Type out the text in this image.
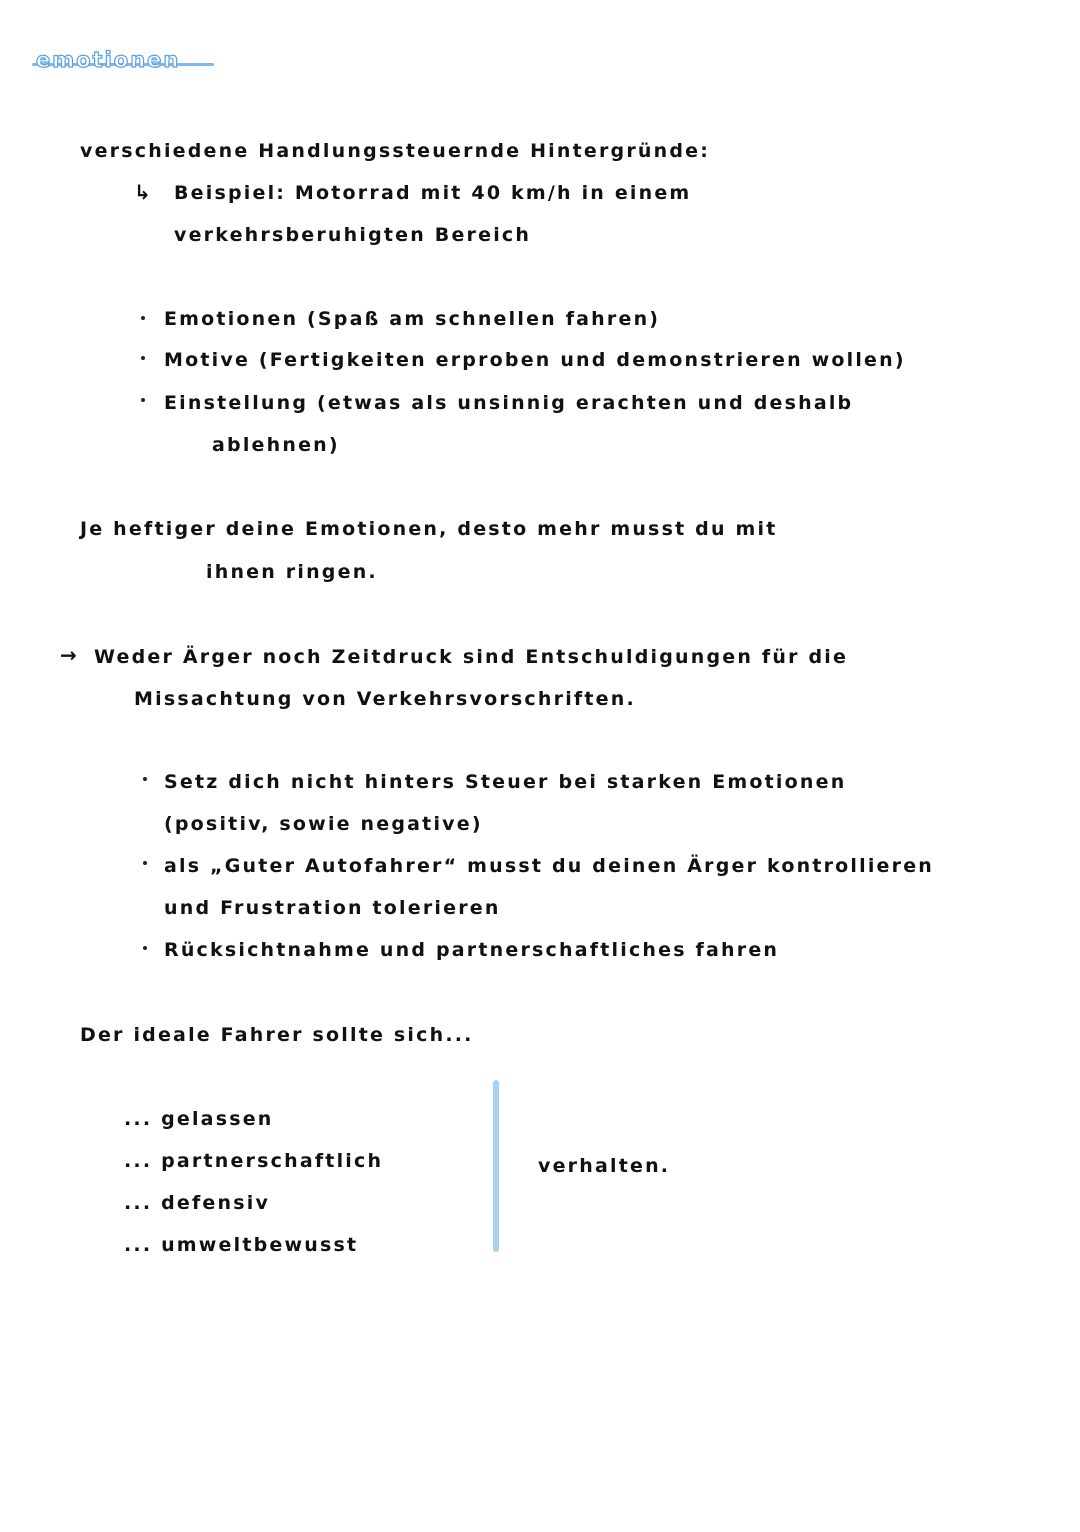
emotionen
verschiedene Handlungssteuernde Hintergründe:
↳ Beispiel: Motorrad mit 40 km/h in einem
verkehrsberuhigten Bereich
Emotionen (Spaß am schnellen fahren)
Motive (Fertigkeiten erproben und demonstrieren wollen)
Einstellung (etwas als unsinnig erachten und deshalb
ablehnen)
Je heftiger deine Emotionen, desto mehr musst du mit
ihnen ringen.
→ Weder Ärger noch Zeitdruck sind Entschuldigungen für die
Missachtung von Verkehrsvorschriften.
Setz dich nicht hinters Steuer bei starken Emotionen
(positiv, sowie negative)
als „Guter Autofahrer“ musst du deinen Ärger kontrollieren
und Frustration tolerieren
Rücksichtnahme und partnerschaftliches fahren
Der ideale Fahrer sollte sich...
... gelassen
... partnerschaftlich
... defensiv
... umweltbewusst
verhalten.
